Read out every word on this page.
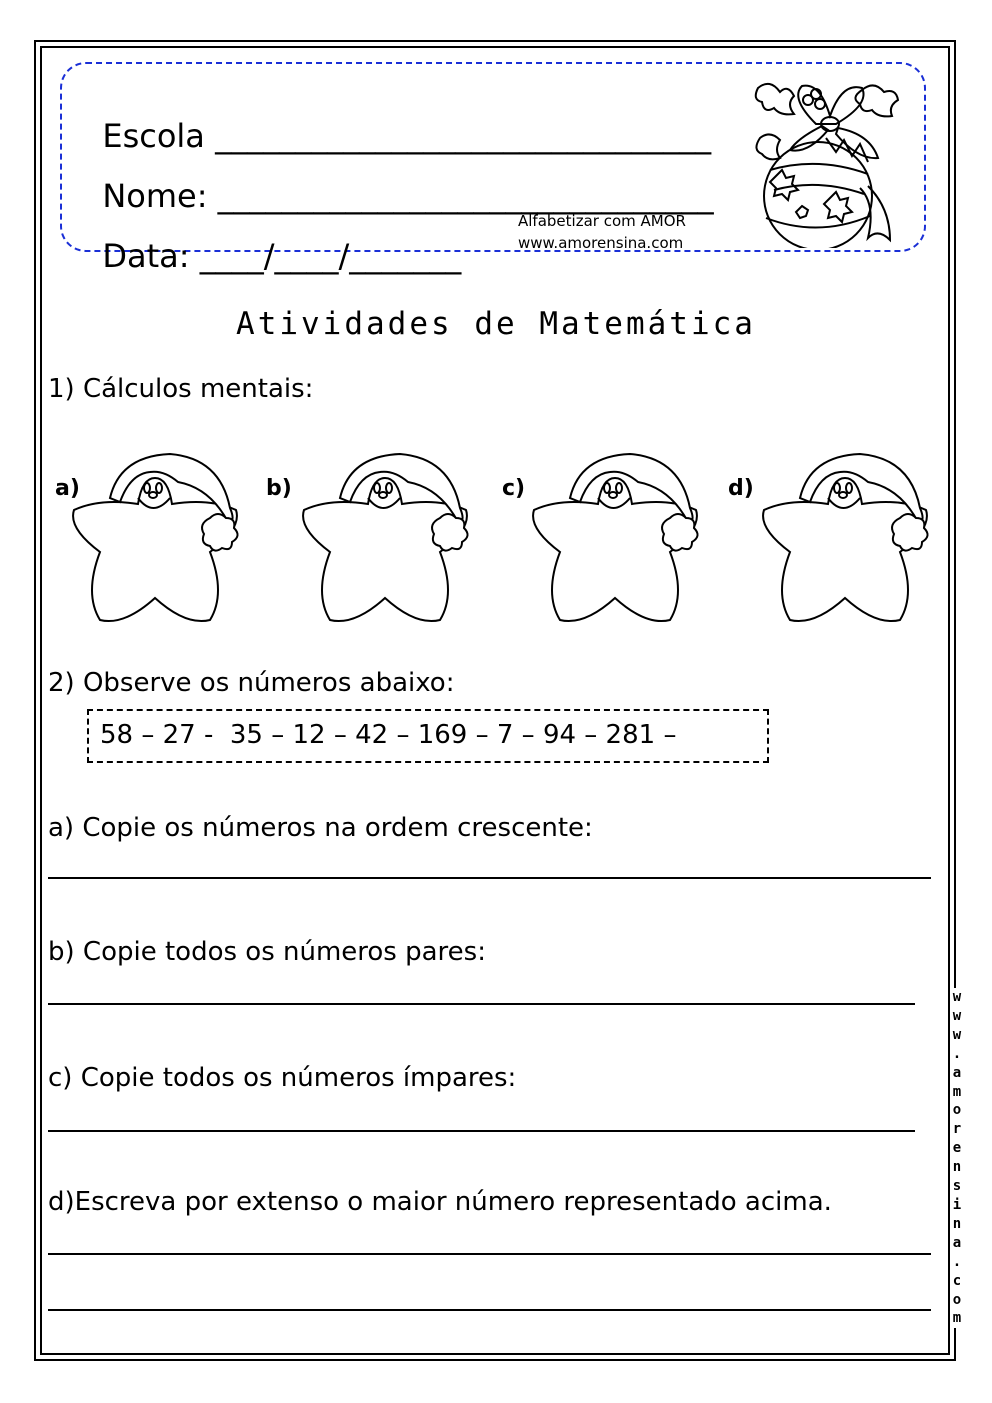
Escola _______________________________

Nome: _______________________________

Data: ____/____/_______

Alfabetizar com AMOR
www.amorensina.com
Atividades de Matemática
1) Cálculos mentais:
a)	b)	c)	d)
2) Observe os números abaixo:
58 – 27 -  35 – 12 – 42 – 169 – 7 – 94 – 281 –
a) Copie os números na ordem crescente:
b) Copie todos os números pares:
c) Copie todos os números ímpares:
d)Escreva por extenso o maior número representado acima.
w
w
w
.
a
m
o
r
e
n
s
i
n
a
.
c
o
m
